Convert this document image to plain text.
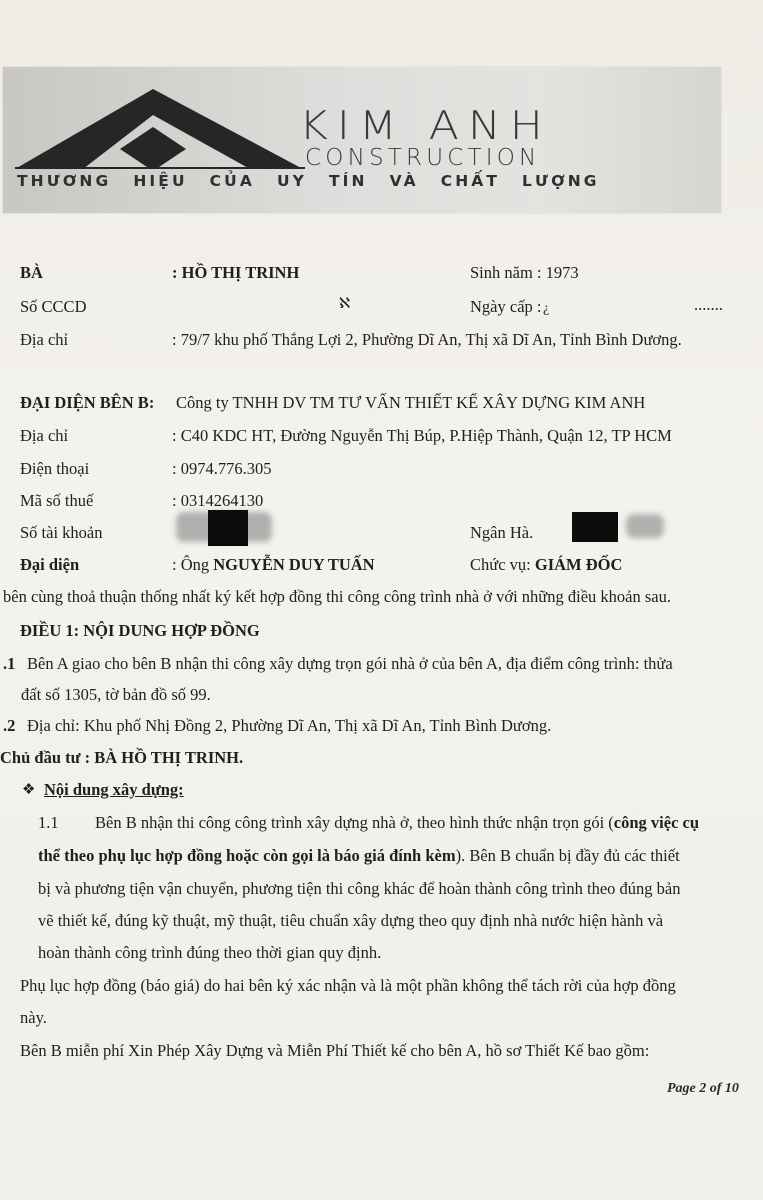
KIM ANH
CONSTRUCTION
THƯƠNG HIỆU CỦA UY TÍN VÀ CHẤT LƯỢNG
BÀ	: HỒ THỊ TRINH	Sinh năm : 1973
Số CCCD	ℵ	Ngày cấp : ¿	.......
Địa chỉ	: 79/7 khu phố Thắng Lợi 2, Phường Dĩ An, Thị xã Dĩ An, Tỉnh Bình Dương.
ĐẠI DIỆN BÊN B: Công ty TNHH DV TM TƯ VẤN THIẾT KẾ XÂY DỰNG KIM ANH
Địa chỉ	: C40 KDC HT, Đường Nguyễn Thị Búp, P.Hiệp Thành, Quận 12, TP HCM
Điện thoại	: 0974.776.305
Mã số thuế	: 0314264130
Số tài khoản	Ngân Hà.
Đại diện	: Ông NGUYỄN DUY TUẤN	Chức vụ: GIÁM ĐỐC
bên cùng thoả thuận thống nhất ký kết hợp đồng thi công công trình nhà ở với những điều khoản sau.
ĐIỀU 1: NỘI DUNG HỢP ĐỒNG
.1 Bên A giao cho bên B nhận thi công xây dựng trọn gói nhà ở của bên A, địa điểm công trình: thửa
đất số 1305, tờ bản đồ số 99.
.2 Địa chỉ: Khu phố Nhị Đồng 2, Phường Dĩ An, Thị xã Dĩ An, Tỉnh Bình Dương.
Chủ đầu tư : BÀ HỒ THỊ TRINH.
❖ Nội dung xây dựng:
1.1 Bên B nhận thi công công trình xây dựng nhà ở, theo hình thức nhận trọn gói (công việc cụ
thể theo phụ lục hợp đồng hoặc còn gọi là báo giá đính kèm). Bên B chuẩn bị đầy đủ các thiết
bị và phương tiện vận chuyển, phương tiện thi công khác để hoàn thành công trình theo đúng bản
vẽ thiết kế, đúng kỹ thuật, mỹ thuật, tiêu chuẩn xây dựng theo quy định nhà nước hiện hành và
hoàn thành công trình đúng theo thời gian quy định.
Phụ lục hợp đồng (báo giá) do hai bên ký xác nhận và là một phần không thể tách rời của hợp đồng
này.
Bên B miễn phí Xin Phép Xây Dựng và Miễn Phí Thiết kế cho bên A, hồ sơ Thiết Kế bao gồm:
Page 2 of 10
